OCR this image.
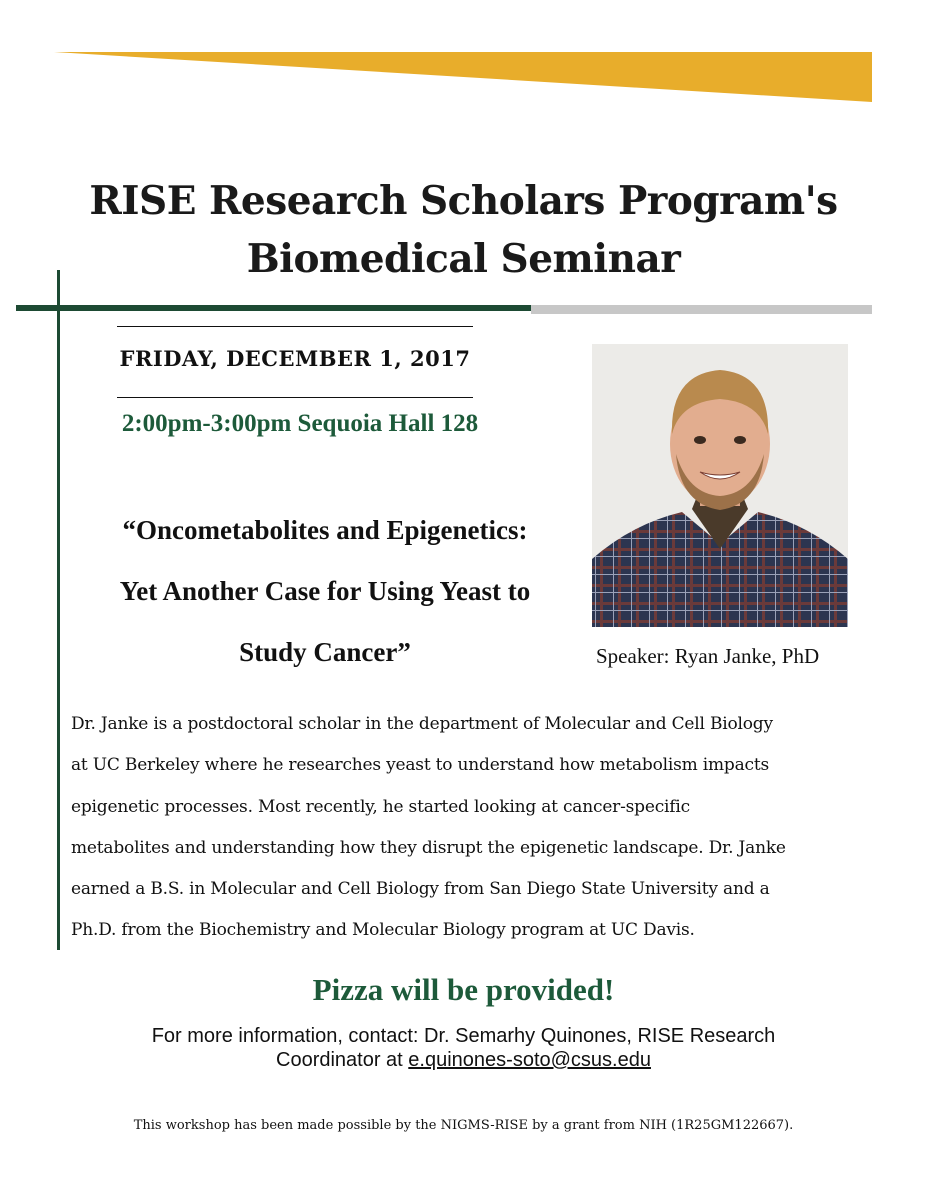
RISE Research Scholars Program's
Biomedical Seminar
FRIDAY, DECEMBER 1, 2017
2:00pm-3:00pm Sequoia Hall 128
“Oncometabolites and Epigenetics:
Yet Another Case for Using Yeast to
Study Cancer”	Speaker: Ryan Janke, PhD
Dr. Janke is a postdoctoral scholar in the department of Molecular and Cell Biology
at UC Berkeley where he researches yeast to understand how metabolism impacts
epigenetic processes. Most recently, he started looking at cancer-specific
metabolites and understanding how they disrupt the epigenetic landscape. Dr. Janke
earned a B.S. in Molecular and Cell Biology from San Diego State University and a
Ph.D. from the Biochemistry and Molecular Biology program at UC Davis.
Pizza will be provided!
For more information, contact: Dr. Semarhy Quinones, RISE Research
Coordinator at e.quinones-soto@csus.edu
This workshop has been made possible by the NIGMS-RISE by a grant from NIH (1R25GM122667).
